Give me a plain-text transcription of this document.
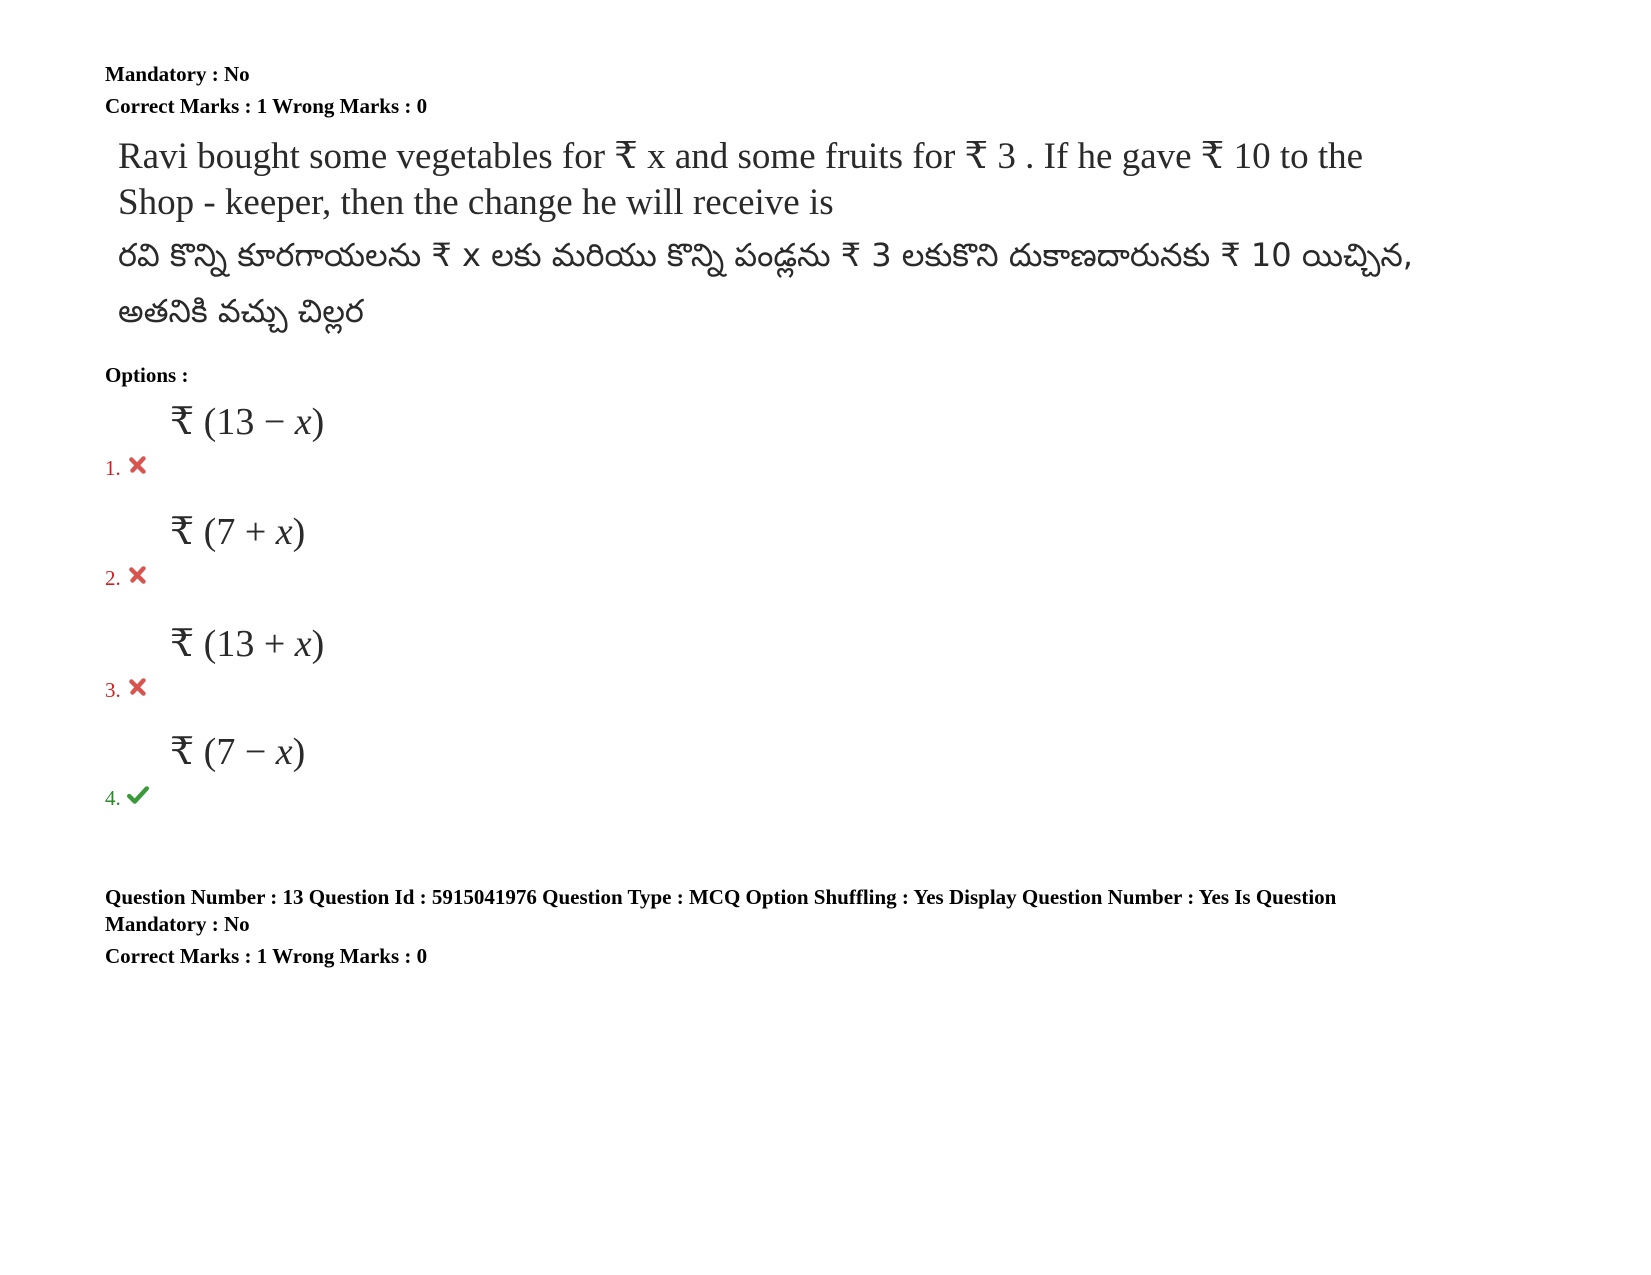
Mandatory : No
Correct Marks : 1 Wrong Marks : 0
Ravi bought some vegetables for ₹ x and some fruits for ₹ 3 . If he gave ₹ 10 to the
Shop - keeper, then the change he will receive is
రవి కొన్ని కూరగాయలను ₹ x లకు మరియు కొన్ని పండ్లను ₹ 3 లకుకొని దుకాణదారునకు ₹ 10 యిచ్చిన,
అతనికి వచ్చు చిల్లర
Options :
1.
₹ (13 − x)
2.
₹ (7 + x)
3.
₹ (13 + x)
4.
₹ (7 − x)
Question Number : 13 Question Id : 5915041976 Question Type : MCQ Option Shuffling : Yes Display Question Number : Yes Is Question
Mandatory : No
Correct Marks : 1 Wrong Marks : 0
